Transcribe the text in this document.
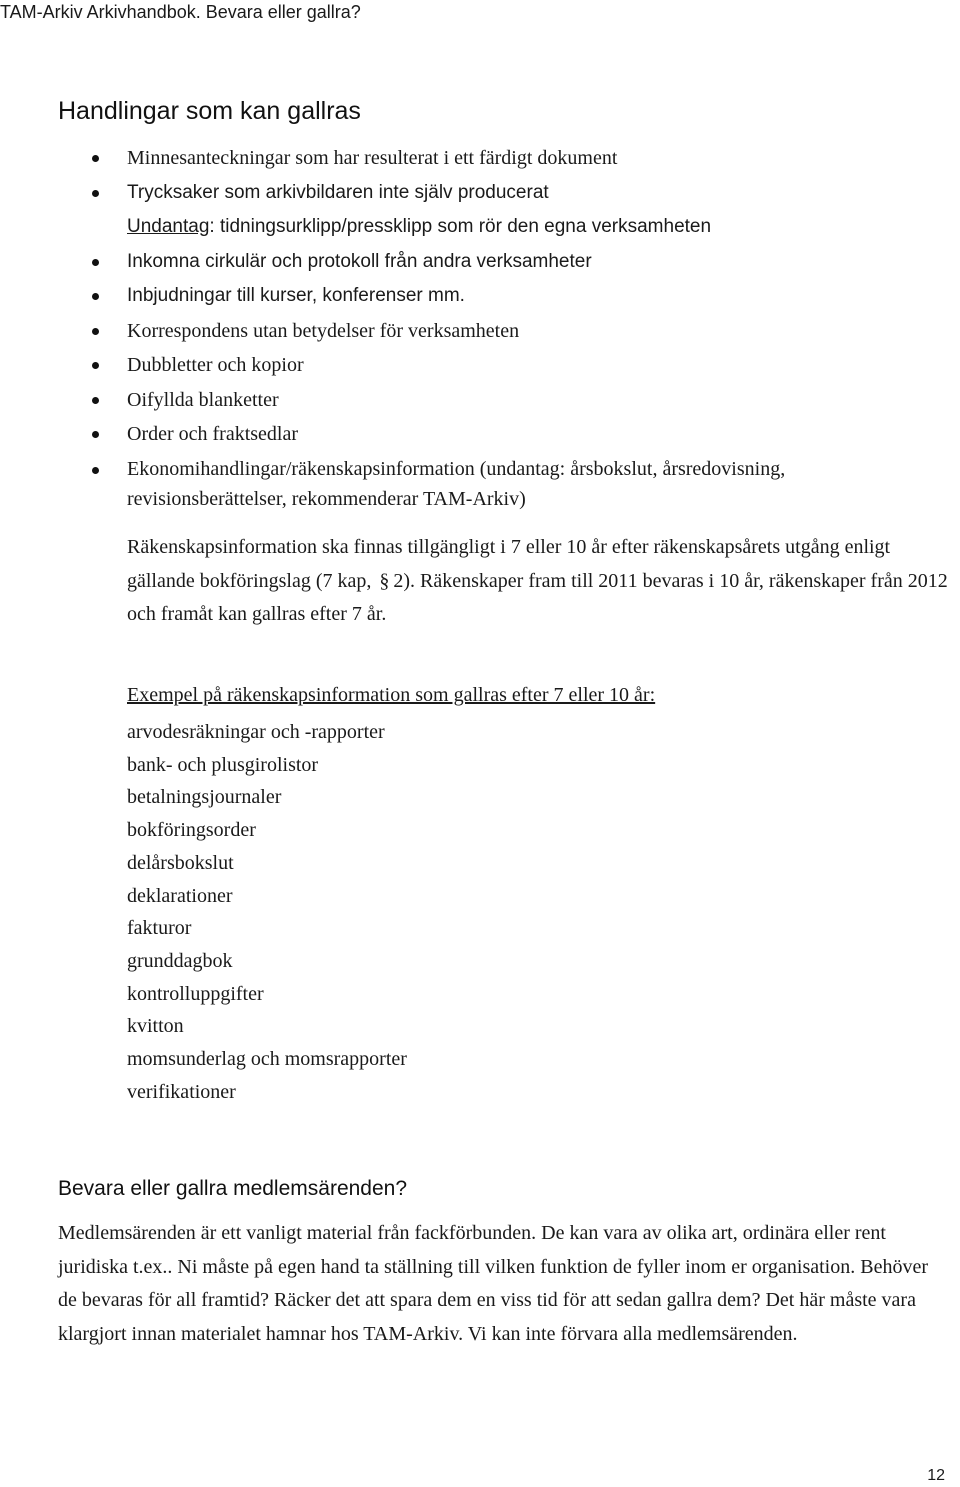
TAM-Arkiv Arkivhandbok. Bevara eller gallra?
Handlingar som kan gallras
Minnesanteckningar som har resulterat i ett färdigt dokument
Trycksaker som arkivbildaren inte själv producerat
Undantag: tidningsurklipp/pressklipp som rör den egna verksamheten
Inkomna cirkulär och protokoll från andra verksamheter
Inbjudningar till kurser, konferenser mm.
Korrespondens utan betydelser för verksamheten
Dubbletter och kopior
Oifyllda blanketter
Order och fraktsedlar
Ekonomihandlingar/räkenskapsinformation (undantag: årsbokslut, årsredovisning, revisionsberättelser, rekommenderar TAM-Arkiv)

Räkenskapsinformation ska finnas tillgängligt i 7 eller 10 år efter räkenskapsårets utgång enligt gällande bokföringslag (7 kap, § 2). Räkenskaper fram till 2011 bevaras i 10 år, räkenskaper från 2012 och framåt kan gallras efter 7 år.

Exempel på räkenskapsinformation som gallras efter 7 eller 10 år:
arvodesräkningar och -rapporter
bank- och plusgirolistor
betalningsjournaler
bokföringsorder
delårsbokslut
deklarationer
fakturor
grunddagbok
kontrolluppgifter
kvitton
momsunderlag och momsrapporter
verifikationer
Bevara eller gallra medlemsärenden?

Medlemsärenden är ett vanligt material från fackförbunden. De kan vara av olika art, ordinära eller rent juridiska t.ex.. Ni måste på egen hand ta ställning till vilken funktion de fyller inom er organisation. Behöver de bevaras för all framtid? Räcker det att spara dem en viss tid för att sedan gallra dem? Det här måste vara klargjort innan materialet hamnar hos TAM-Arkiv. Vi kan inte förvara alla medlemsärenden.

12
